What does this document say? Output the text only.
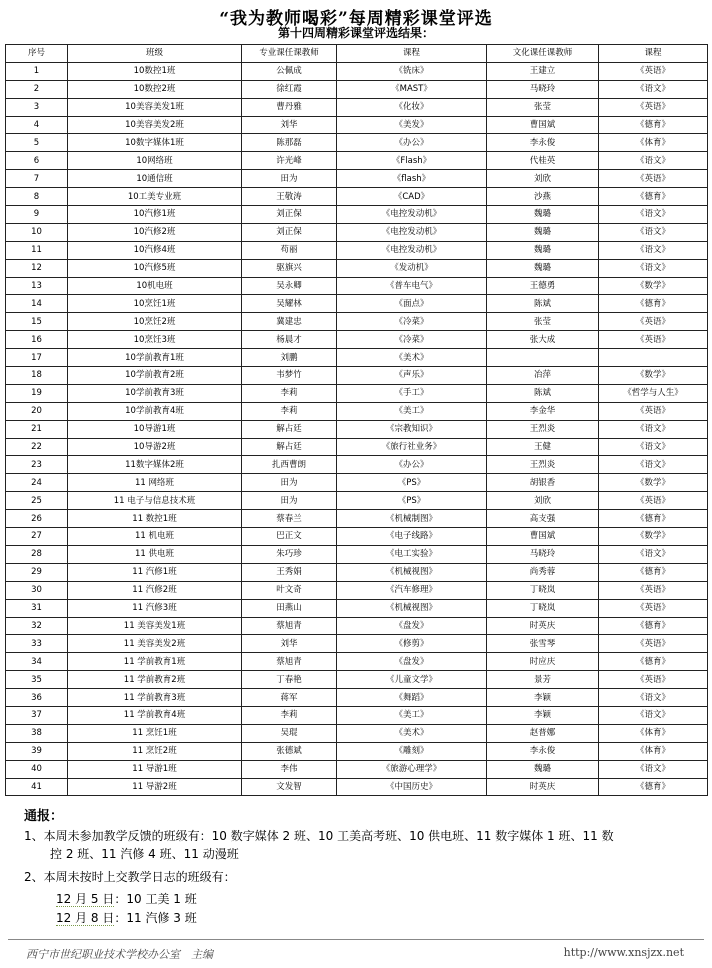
“我为教师喝彩”每周精彩课堂评选
第十四周精彩课堂评选结果：
序号	班级	专业课任课教师	课程	文化课任课教师	课程
1	10数控1班	公佩成	《铣床》	王建立	《英语》
2	10数控2班	徐红霞	《MAST》	马晓玲	《语文》
3	10美容美发1班	曹丹雅	《化妆》	张莹	《英语》
4	10美容美发2班	刘华	《美发》	曹国斌	《德育》
5	10数字媒体1班	陈那磊	《办公》	李永俊	《体育》
6	10网络班	许光峰	《Flash》	代桂英	《语文》
7	10通信班	田为	《flash》	刘欣	《英语》
8	10工美专业班	王敬涛	《CAD》	沙燕	《德育》
9	10汽修1班	刘正保	《电控发动机》	魏璐	《语文》
10	10汽修2班	刘正保	《电控发动机》	魏璐	《语文》
11	10汽修4班	苟丽	《电控发动机》	魏璐	《语文》
12	10汽修5班	驱旗兴	《发动机》	魏璐	《语文》
13	10机电班	吴永卿	《普车电气》	王德勇	《数学》
14	10烹饪1班	吴耀林	《面点》	陈斌	《德育》
15	10烹饪2班	冀建忠	《冷菜》	张莹	《英语》
16	10烹饪3班	杨晨才	《冷菜》	张大成	《英语》
17	10学前教育1班	刘鹏	《美术》		
18	10学前教育2班	韦梦竹	《声乐》	冶萍	《数学》
19	10学前教育3班	李莉	《手工》	陈斌	《哲学与人生》
20	10学前教育4班	李莉	《美工》	李金华	《英语》
21	10导游1班	解占廷	《宗教知识》	王烈炎	《语文》
22	10导游2班	解占廷	《旅行社业务》	王健	《语文》
23	11数字媒体2班	扎西曹朗	《办公》	王烈炎	《语文》
24	11 网络班	田为	《PS》	胡银香	《数学》
25	11 电子与信息技术班	田为	《PS》	刘欣	《英语》
26	11 数控1班	蔡春兰	《机械制图》	高支强	《德育》
27	11 机电班	巴正文	《电子线路》	曹国斌	《数学》
28	11 供电班	朱巧珍	《电工实验》	马晓玲	《语文》
29	11 汽修1班	王秀娟	《机械视图》	尚秀蓉	《德育》
30	11 汽修2班	叶文奇	《汽车修理》	丁晓岚	《英语》
31	11 汽修3班	田燕山	《机械视图》	丁晓岚	《英语》
32	11 美容美发1班	蔡旭青	《盘发》	时英庆	《德育》
33	11 美容美发2班	刘华	《修剪》	张雪琴	《英语》
34	11 学前教育1班	蔡旭青	《盘发》	时应庆	《德育》
35	11 学前教育2班	丁春艳	《儿童文学》	景芳	《英语》
36	11 学前教育3班	蒋军	《舞蹈》	李颖	《语文》
37	11 学前教育4班	李莉	《美工》	李颖	《语文》
38	11 烹饪1班	吴琨	《美术》	赵普娜	《体育》
39	11 烹饪2班	张德斌	《雕刻》	李永俊	《体育》
40	11 导游1班	李伟	《旅游心理学》	魏璐	《语文》
41	11 导游2班	文发智	《中国历史》	时英庆	《德育》
通报：
1、本周未参加教学反馈的班级有：10 数字媒体 2 班、10 工美高考班、10 供电班、11 数字媒体 1 班、11 数
控 2 班、11 汽修 4 班、11 动漫班
2、本周未按时上交教学日志的班级有：
12 月 5 日：10 工美 1 班
12 月 8 日：11 汽修 3 班
西宁市世纪职业技术学校办公室　主编	http://www.xnsjzx.net
